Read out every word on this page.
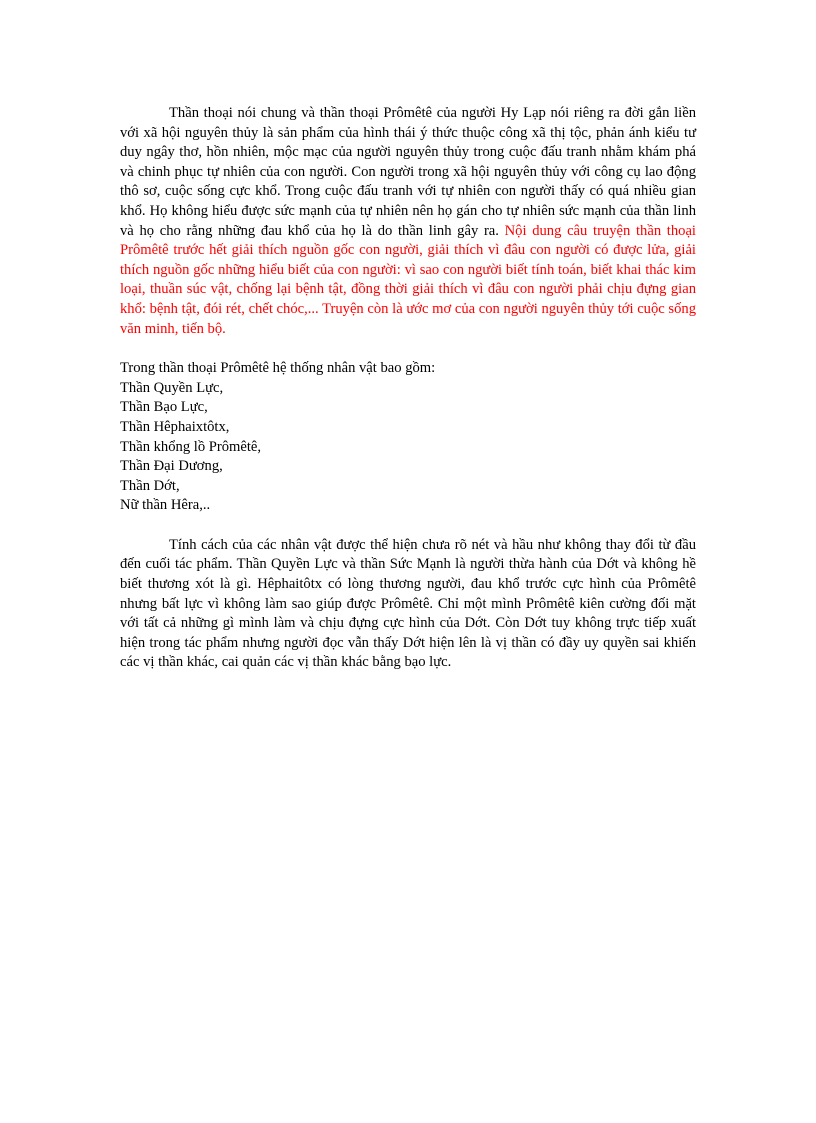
Thần thoại nói chung và thần thoại Prômêtê của người Hy Lạp nói riêng ra đời gắn liền với xã hội nguyên thủy là sản phẩm của hình thái ý thức thuộc công xã thị tộc, phản ánh kiểu tư duy ngây thơ, hồn nhiên, mộc mạc của người nguyên thủy trong cuộc đấu tranh nhằm khám phá và chinh phục tự nhiên của con người. Con người trong xã hội nguyên thủy với công cụ lao động thô sơ, cuộc sống cực khổ. Trong cuộc đấu tranh với tự nhiên con người thấy có quá nhiều gian khổ. Họ không hiểu được sức mạnh của tự nhiên nên họ gán cho tự nhiên sức mạnh của thần linh và họ cho rằng những đau khổ của họ là do thần linh gây ra. Nội dung câu truyện thần thoại Prômêtê trước hết giải thích nguồn gốc con người, giải thích vì đâu con người có được lửa, giải thích nguồn gốc những hiểu biết của con người: vì sao con người biết tính toán, biết khai thác kim loại, thuần súc vật, chống lại bệnh tật, đồng thời giải thích vì đâu con người phải chịu đựng gian khổ: bệnh tật, đói rét, chết chóc,... Truyện còn là ước mơ của con người nguyên thủy tới cuộc sống văn minh, tiến bộ.

Trong thần thoại Prômêtê hệ thống nhân vật bao gồm:

Thần Quyền Lực,

Thần Bạo Lực,

Thần Hêphaixtôtx,

Thần khổng lồ Prômêtê,

Thần Đại Dương,

Thần Dớt,

Nữ thần Hêra,..

Tính cách của các nhân vật được thể hiện chưa rõ nét và hầu như không thay đổi từ đầu đến cuối tác phẩm. Thần Quyền Lực và thần Sức Mạnh là người thừa hành của Dớt và không hề biết thương xót là gì. Hêphaitôtx có lòng thương người, đau khổ trước cực hình của Prômêtê nhưng bất lực vì không làm sao giúp được Prômêtê. Chỉ một mình Prômêtê kiên cường đối mặt với tất cả những gì mình làm và chịu đựng cực hình của Dớt. Còn Dớt tuy không trực tiếp xuất hiện trong tác phẩm nhưng người đọc vẫn thấy Dớt hiện lên là vị thần có đầy uy quyền sai khiến các vị thần khác, cai quản các vị thần khác bằng bạo lực.
